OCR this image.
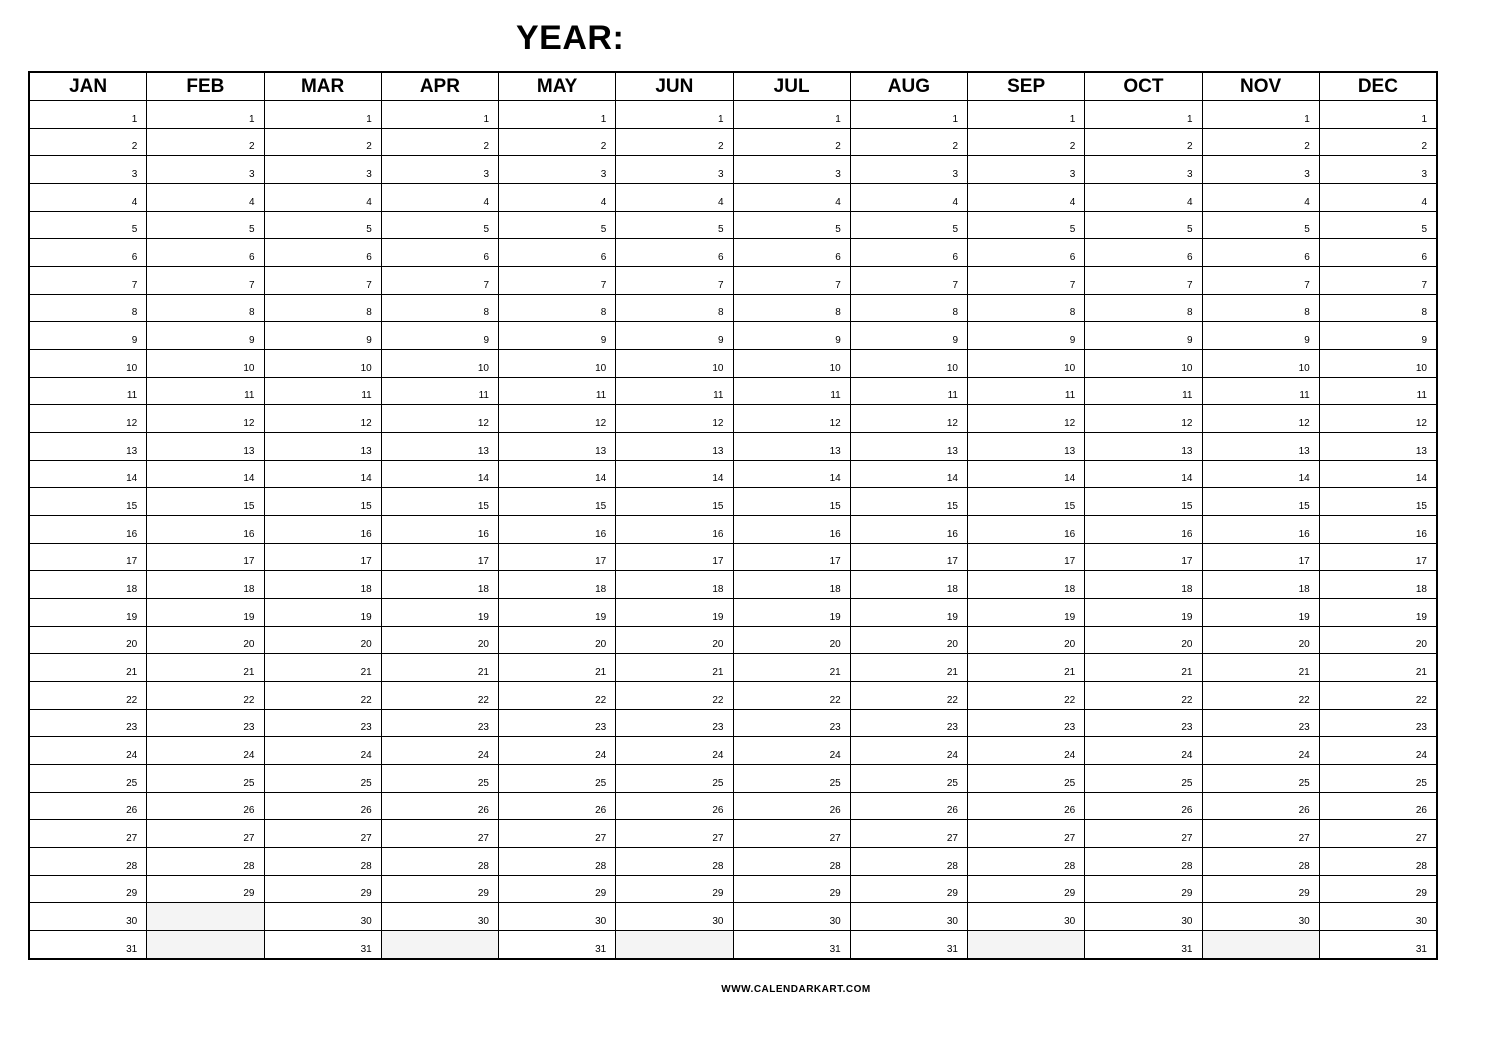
YEAR:
JAN
1
2
3
4
5
6
7
8
9
10
11
12
13
14
15
16
17
18
19
20
21
22
23
24
25
26
27
28
29
30
31
FEB
1
2
3
4
5
6
7
8
9
10
11
12
13
14
15
16
17
18
19
20
21
22
23
24
25
26
27
28
29
MAR
1
2
3
4
5
6
7
8
9
10
11
12
13
14
15
16
17
18
19
20
21
22
23
24
25
26
27
28
29
30
31
APR
1
2
3
4
5
6
7
8
9
10
11
12
13
14
15
16
17
18
19
20
21
22
23
24
25
26
27
28
29
30
MAY
1
2
3
4
5
6
7
8
9
10
11
12
13
14
15
16
17
18
19
20
21
22
23
24
25
26
27
28
29
30
31
JUN
1
2
3
4
5
6
7
8
9
10
11
12
13
14
15
16
17
18
19
20
21
22
23
24
25
26
27
28
29
30
JUL
1
2
3
4
5
6
7
8
9
10
11
12
13
14
15
16
17
18
19
20
21
22
23
24
25
26
27
28
29
30
31
AUG
1
2
3
4
5
6
7
8
9
10
11
12
13
14
15
16
17
18
19
20
21
22
23
24
25
26
27
28
29
30
31
SEP
1
2
3
4
5
6
7
8
9
10
11
12
13
14
15
16
17
18
19
20
21
22
23
24
25
26
27
28
29
30
OCT
1
2
3
4
5
6
7
8
9
10
11
12
13
14
15
16
17
18
19
20
21
22
23
24
25
26
27
28
29
30
31
NOV
1
2
3
4
5
6
7
8
9
10
11
12
13
14
15
16
17
18
19
20
21
22
23
24
25
26
27
28
29
30
DEC
1
2
3
4
5
6
7
8
9
10
11
12
13
14
15
16
17
18
19
20
21
22
23
24
25
26
27
28
29
30
31
WWW.CALENDARKART.COM
